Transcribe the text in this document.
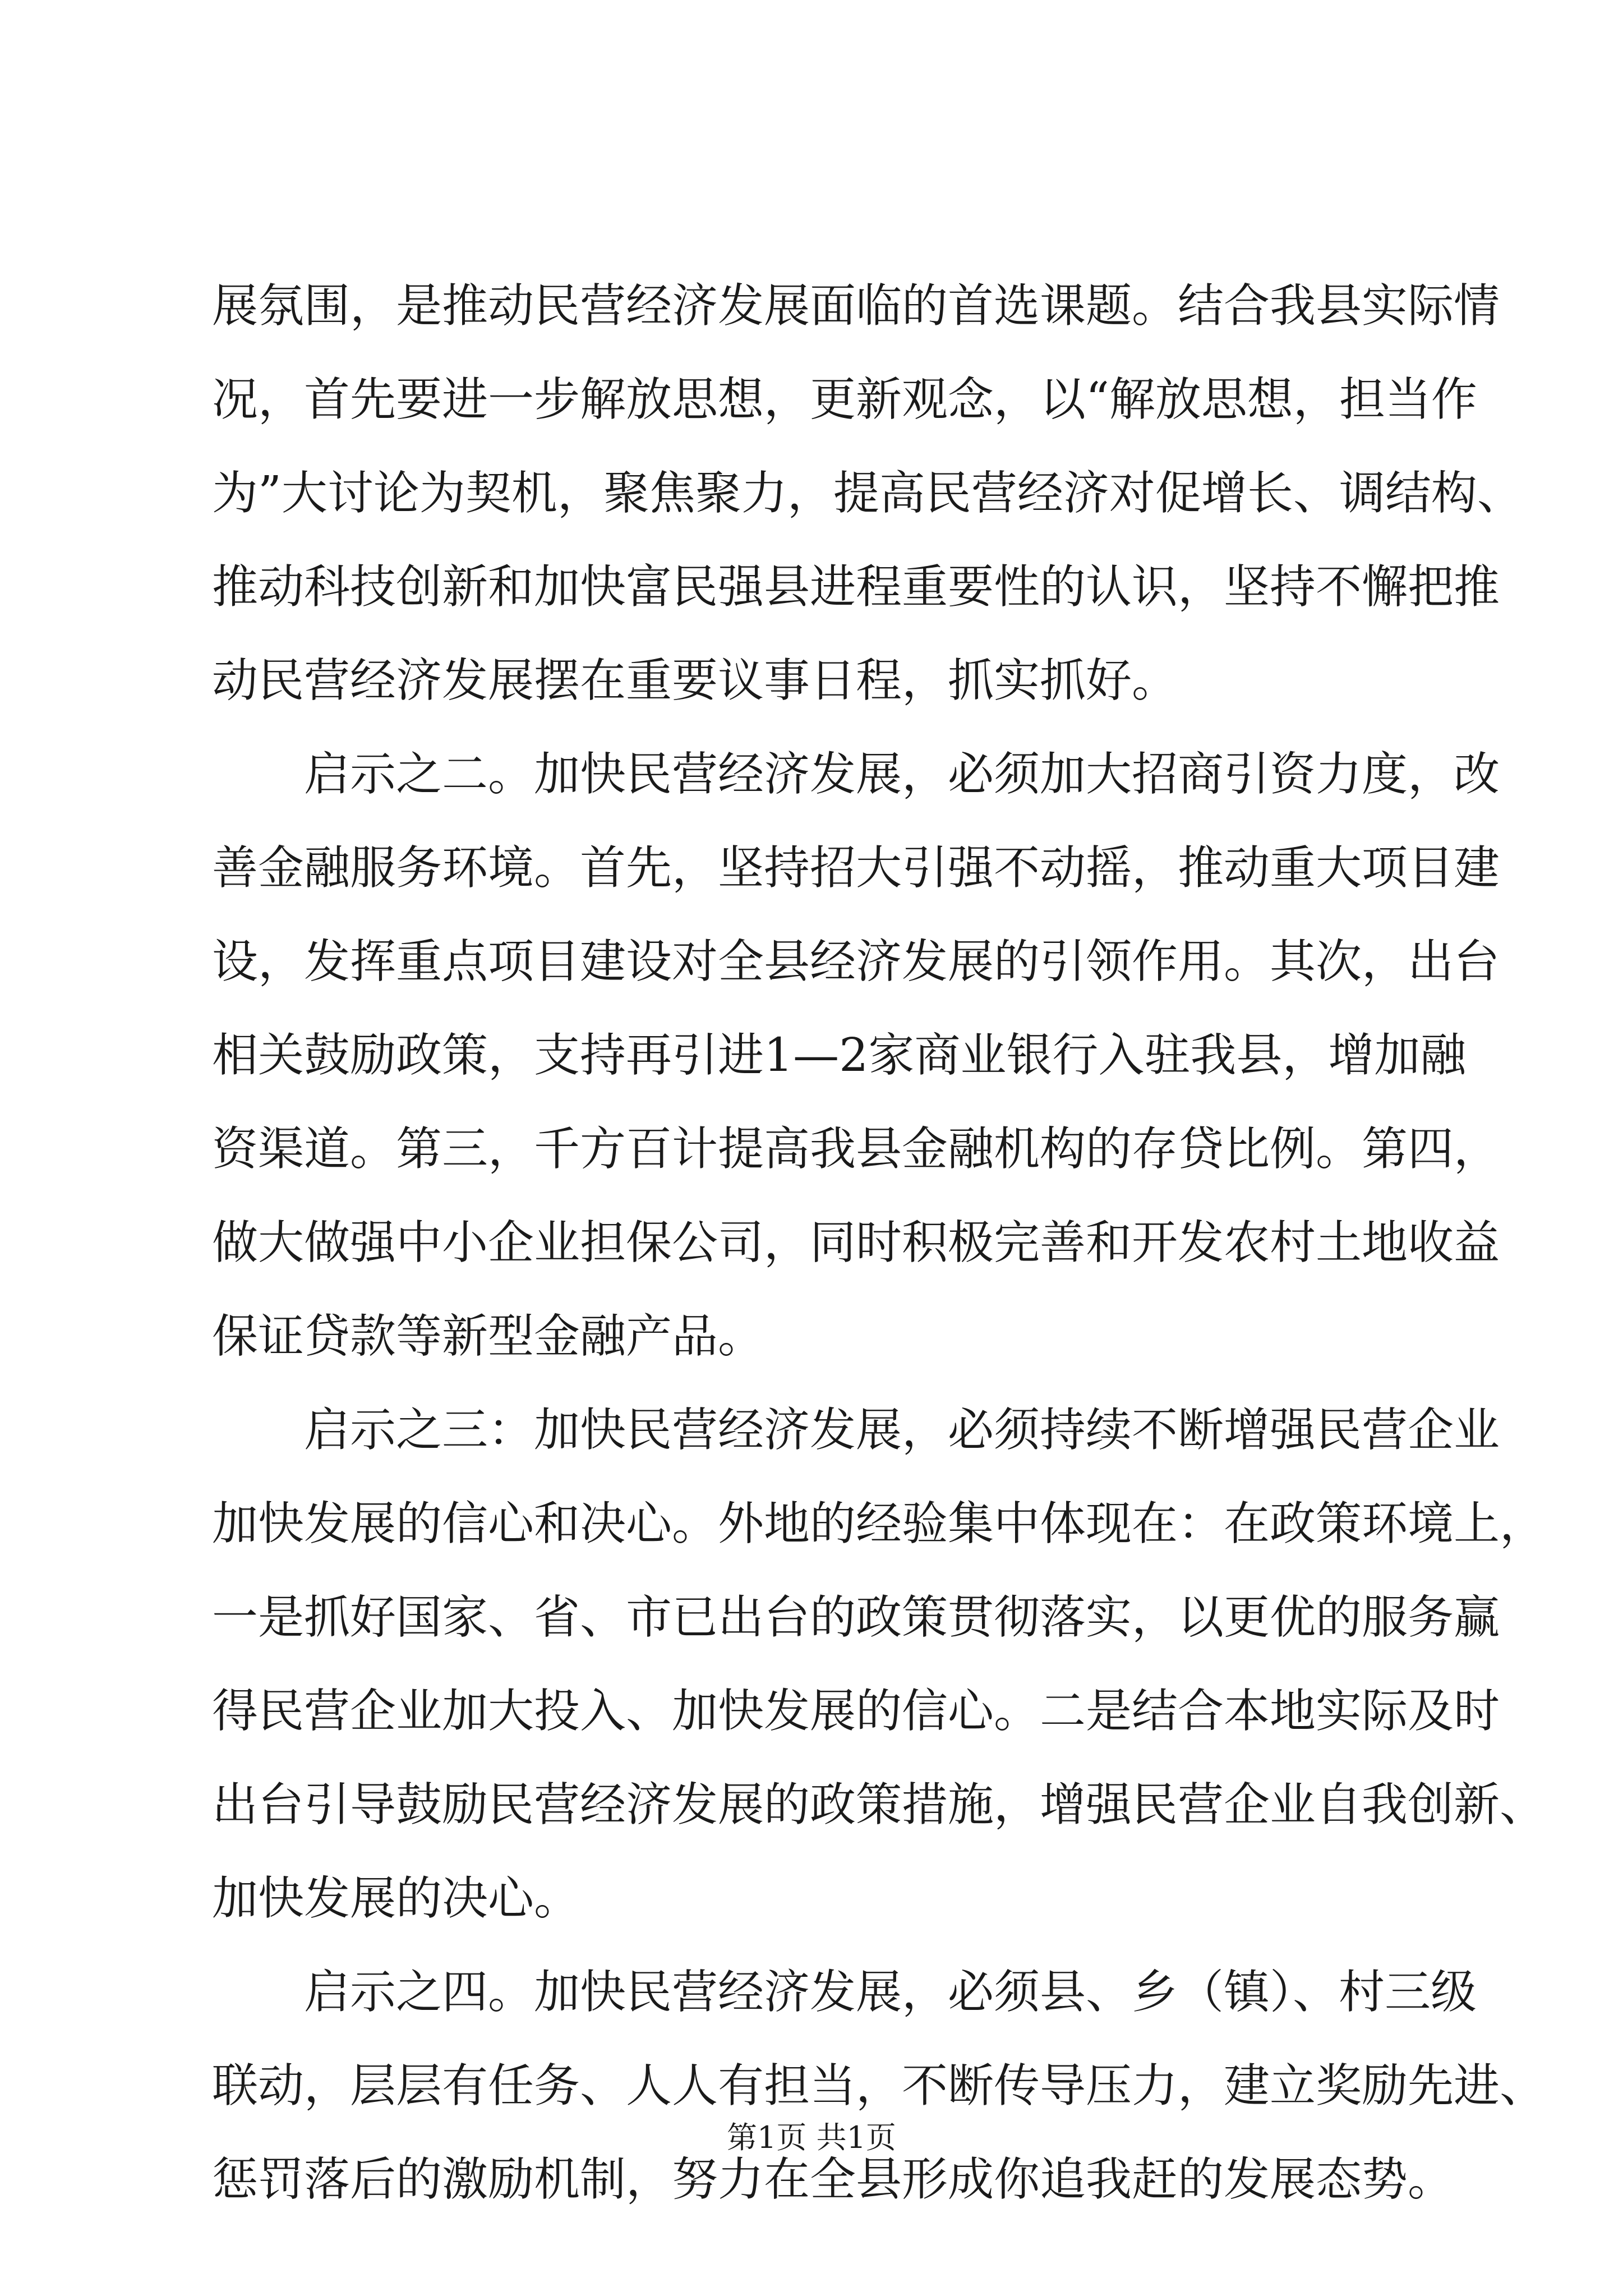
展氛围，是推动民营经济发展面临的首选课题。结合我县实际情
况，首先要进一步解放思想，更新观念，以“解放思想，担当作
为”大讨论为契机，聚焦聚力，提高民营经济对促增长、调结构、
推动科技创新和加快富民强县进程重要性的认识，坚持不懈把推
动民营经济发展摆在重要议事日程，抓实抓好。
启示之二。加快民营经济发展，必须加大招商引资力度，改
善金融服务环境。首先，坚持招大引强不动摇，推动重大项目建
设，发挥重点项目建设对全县经济发展的引领作用。其次，出台
相关鼓励政策，支持再引进1—2家商业银行入驻我县，增加融
资渠道。第三，千方百计提高我县金融机构的存贷比例。第四，
做大做强中小企业担保公司，同时积极完善和开发农村土地收益
保证贷款等新型金融产品。
启示之三：加快民营经济发展，必须持续不断增强民营企业
加快发展的信心和决心。外地的经验集中体现在：在政策环境上，
一是抓好国家、省、市已出台的政策贯彻落实，以更优的服务赢
得民营企业加大投入、加快发展的信心。二是结合本地实际及时
出台引导鼓励民营经济发展的政策措施，增强民营企业自我创新、
加快发展的决心。
启示之四。加快民营经济发展，必须县、乡（镇）、村三级
联动，层层有任务、人人有担当，不断传导压力，建立奖励先进、
惩罚落后的激励机制，努力在全县形成你追我赶的发展态势。
第1页 共1页
